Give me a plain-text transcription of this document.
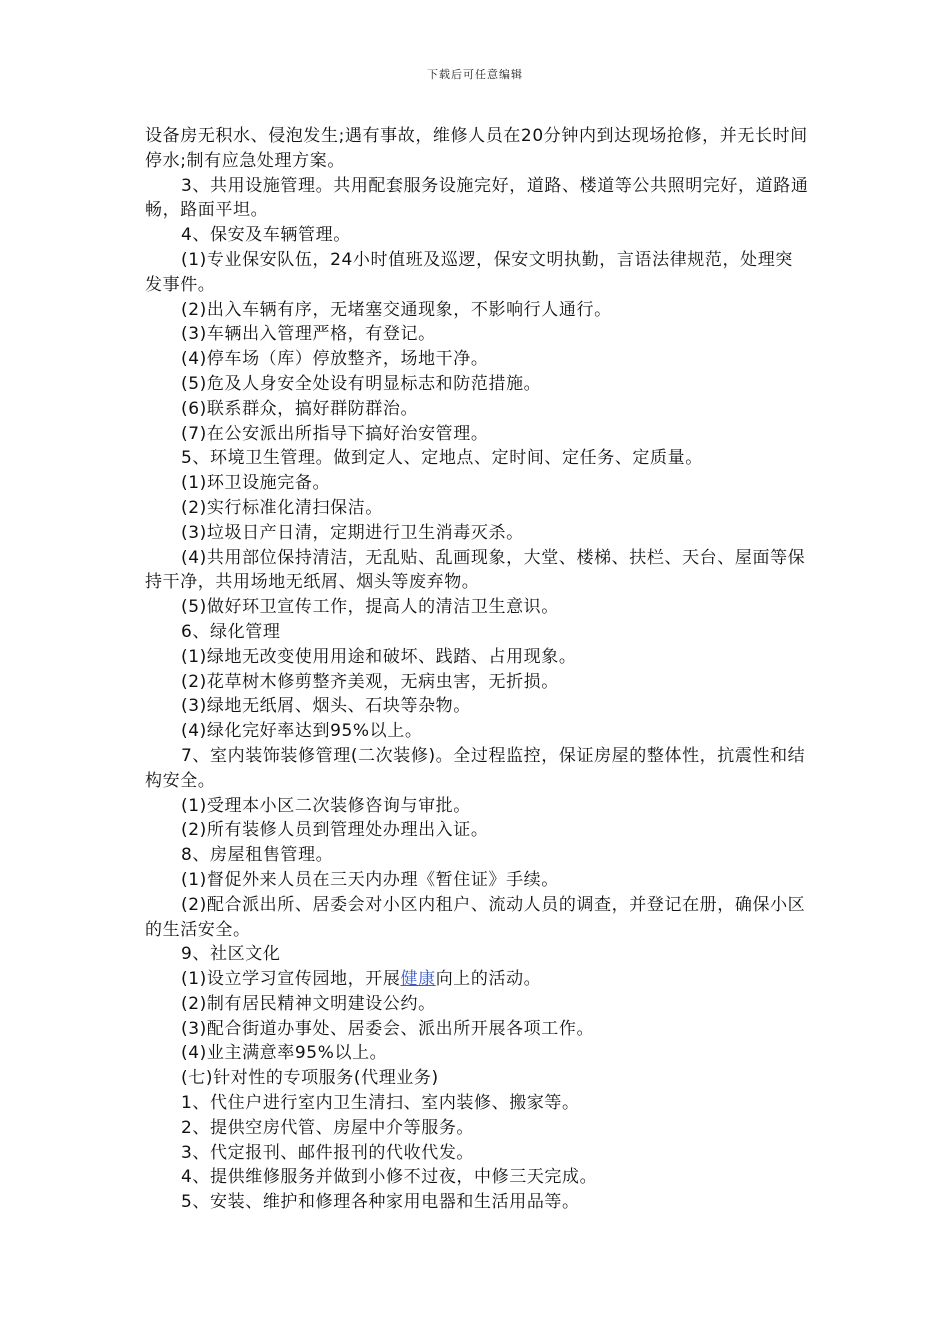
下载后可任意编辑

设备房无积水、侵泡发生;遇有事故，维修人员在20分钟内到达现场抢修，并无长时间停水;制有应急处理方案。

3、共用设施管理。共用配套服务设施完好，道路、楼道等公共照明完好，道路通畅，路面平坦。

4、保安及车辆管理。

(1)专业保安队伍，24小时值班及巡逻，保安文明执勤，言语法律规范，处理突发事件。

(2)出入车辆有序，无堵塞交通现象，不影响行人通行。

(3)车辆出入管理严格，有登记。

(4)停车场（库）停放整齐，场地干净。

(5)危及人身安全处设有明显标志和防范措施。

(6)联系群众，搞好群防群治。

(7)在公安派出所指导下搞好治安管理。

5、环境卫生管理。做到定人、定地点、定时间、定任务、定质量。

(1)环卫设施完备。

(2)实行标准化清扫保洁。

(3)垃圾日产日清，定期进行卫生消毒灭杀。

(4)共用部位保持清洁，无乱贴、乱画现象，大堂、楼梯、扶栏、天台、屋面等保持干净，共用场地无纸屑、烟头等废弃物。

(5)做好环卫宣传工作，提高人的清洁卫生意识。

6、绿化管理

(1)绿地无改变使用用途和破坏、践踏、占用现象。

(2)花草树木修剪整齐美观，无病虫害，无折损。

(3)绿地无纸屑、烟头、石块等杂物。

(4)绿化完好率达到95%以上。

7、室内装饰装修管理(二次装修)。全过程监控，保证房屋的整体性，抗震性和结构安全。

(1)受理本小区二次装修咨询与审批。

(2)所有装修人员到管理处办理出入证。

8、房屋租售管理。

(1)督促外来人员在三天内办理《暂住证》手续。

(2)配合派出所、居委会对小区内租户、流动人员的调查，并登记在册，确保小区的生活安全。

9、社区文化

(1)设立学习宣传园地，开展健康向上的活动。

(2)制有居民精神文明建设公约。

(3)配合街道办事处、居委会、派出所开展各项工作。

(4)业主满意率95%以上。

(七)针对性的专项服务(代理业务)

1、代住户进行室内卫生清扫、室内装修、搬家等。

2、提供空房代管、房屋中介等服务。

3、代定报刊、邮件报刊的代收代发。

4、提供维修服务并做到小修不过夜，中修三天完成。

5、安装、维护和修理各种家用电器和生活用品等。
